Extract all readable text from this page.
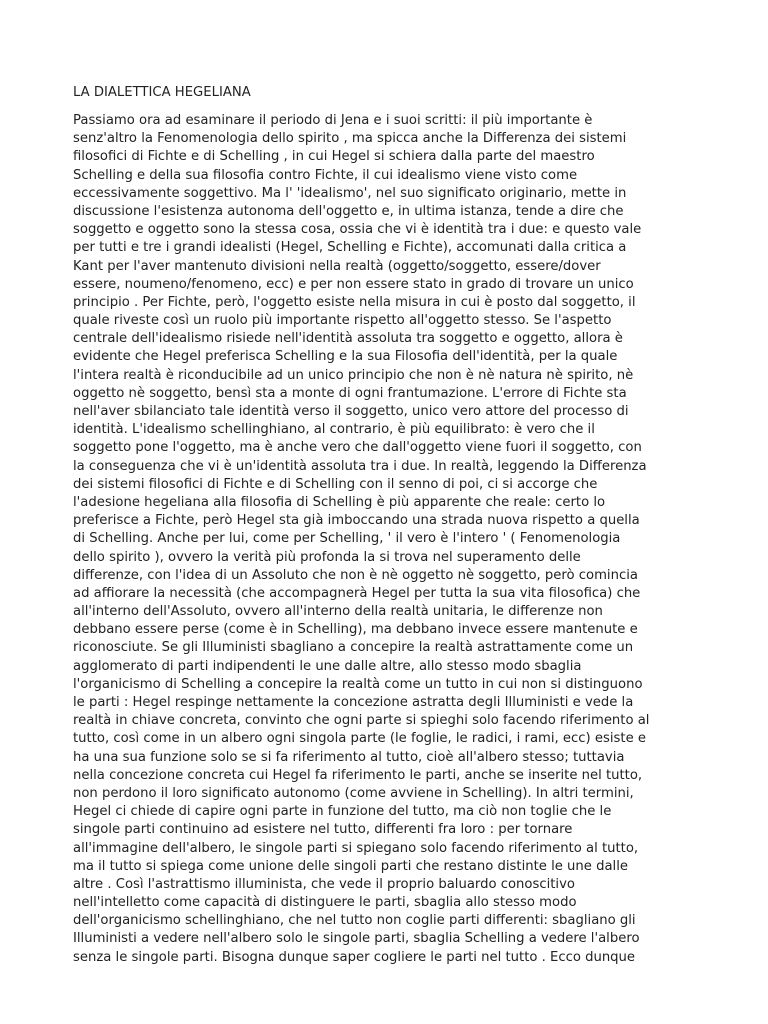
LA DIALETTICA HEGELIANA
Passiamo ora ad esaminare il periodo di Jena e i suoi scritti: il più importante è
senz'altro la Fenomenologia dello spirito , ma spicca anche la Differenza dei sistemi
filosofici di Fichte e di Schelling , in cui Hegel si schiera dalla parte del maestro
Schelling e della sua filosofia contro Fichte, il cui idealismo viene visto come
eccessivamente soggettivo. Ma l' 'idealismo', nel suo significato originario, mette in
discussione l'esistenza autonoma dell'oggetto e, in ultima istanza, tende a dire che
soggetto e oggetto sono la stessa cosa, ossia che vi è identità tra i due: e questo vale
per tutti e tre i grandi idealisti (Hegel, Schelling e Fichte), accomunati dalla critica a
Kant per l'aver mantenuto divisioni nella realtà (oggetto/soggetto, essere/dover
essere, noumeno/fenomeno, ecc) e per non essere stato in grado di trovare un unico
principio . Per Fichte, però, l'oggetto esiste nella misura in cui è posto dal soggetto, il
quale riveste così un ruolo più importante rispetto all'oggetto stesso. Se l'aspetto
centrale dell'idealismo risiede nell'identità assoluta tra soggetto e oggetto, allora è
evidente che Hegel preferisca Schelling e la sua Filosofia dell'identità, per la quale
l'intera realtà è riconducibile ad un unico principio che non è nè natura nè spirito, nè
oggetto nè soggetto, bensì sta a monte di ogni frantumazione. L'errore di Fichte sta
nell'aver sbilanciato tale identità verso il soggetto, unico vero attore del processo di
identità. L'idealismo schellinghiano, al contrario, è più equilibrato: è vero che il
soggetto pone l'oggetto, ma è anche vero che dall'oggetto viene fuori il soggetto, con
la conseguenza che vi è un'identità assoluta tra i due. In realtà, leggendo la Differenza
dei sistemi filosofici di Fichte e di Schelling con il senno di poi, ci si accorge che
l'adesione hegeliana alla filosofia di Schelling è più apparente che reale: certo lo
preferisce a Fichte, però Hegel sta già imboccando una strada nuova rispetto a quella
di Schelling. Anche per lui, come per Schelling, ' il vero è l'intero ' ( Fenomenologia
dello spirito ), ovvero la verità più profonda la si trova nel superamento delle
differenze, con l'idea di un Assoluto che non è nè oggetto nè soggetto, però comincia
ad affiorare la necessità (che accompagnerà Hegel per tutta la sua vita filosofica) che
all'interno dell'Assoluto, ovvero all'interno della realtà unitaria, le differenze non
debbano essere perse (come è in Schelling), ma debbano invece essere mantenute e
riconosciute. Se gli Illuministi sbagliano a concepire la realtà astrattamente come un
agglomerato di parti indipendenti le une dalle altre, allo stesso modo sbaglia
l'organicismo di Schelling a concepire la realtà come un tutto in cui non si distinguono
le parti : Hegel respinge nettamente la concezione astratta degli Illuministi e vede la
realtà in chiave concreta, convinto che ogni parte si spieghi solo facendo riferimento al
tutto, così come in un albero ogni singola parte (le foglie, le radici, i rami, ecc) esiste e
ha una sua funzione solo se si fa riferimento al tutto, cioè all'albero stesso; tuttavia
nella concezione concreta cui Hegel fa riferimento le parti, anche se inserite nel tutto,
non perdono il loro significato autonomo (come avviene in Schelling). In altri termini,
Hegel ci chiede di capire ogni parte in funzione del tutto, ma ciò non toglie che le
singole parti continuino ad esistere nel tutto, differenti fra loro : per tornare
all'immagine dell'albero, le singole parti si spiegano solo facendo riferimento al tutto,
ma il tutto si spiega come unione delle singoli parti che restano distinte le une dalle
altre . Così l'astrattismo illuminista, che vede il proprio baluardo conoscitivo
nell'intelletto come capacità di distinguere le parti, sbaglia allo stesso modo
dell'organicismo schellinghiano, che nel tutto non coglie parti differenti: sbagliano gli
Illuministi a vedere nell'albero solo le singole parti, sbaglia Schelling a vedere l'albero
senza le singole parti. Bisogna dunque saper cogliere le parti nel tutto . Ecco dunque
